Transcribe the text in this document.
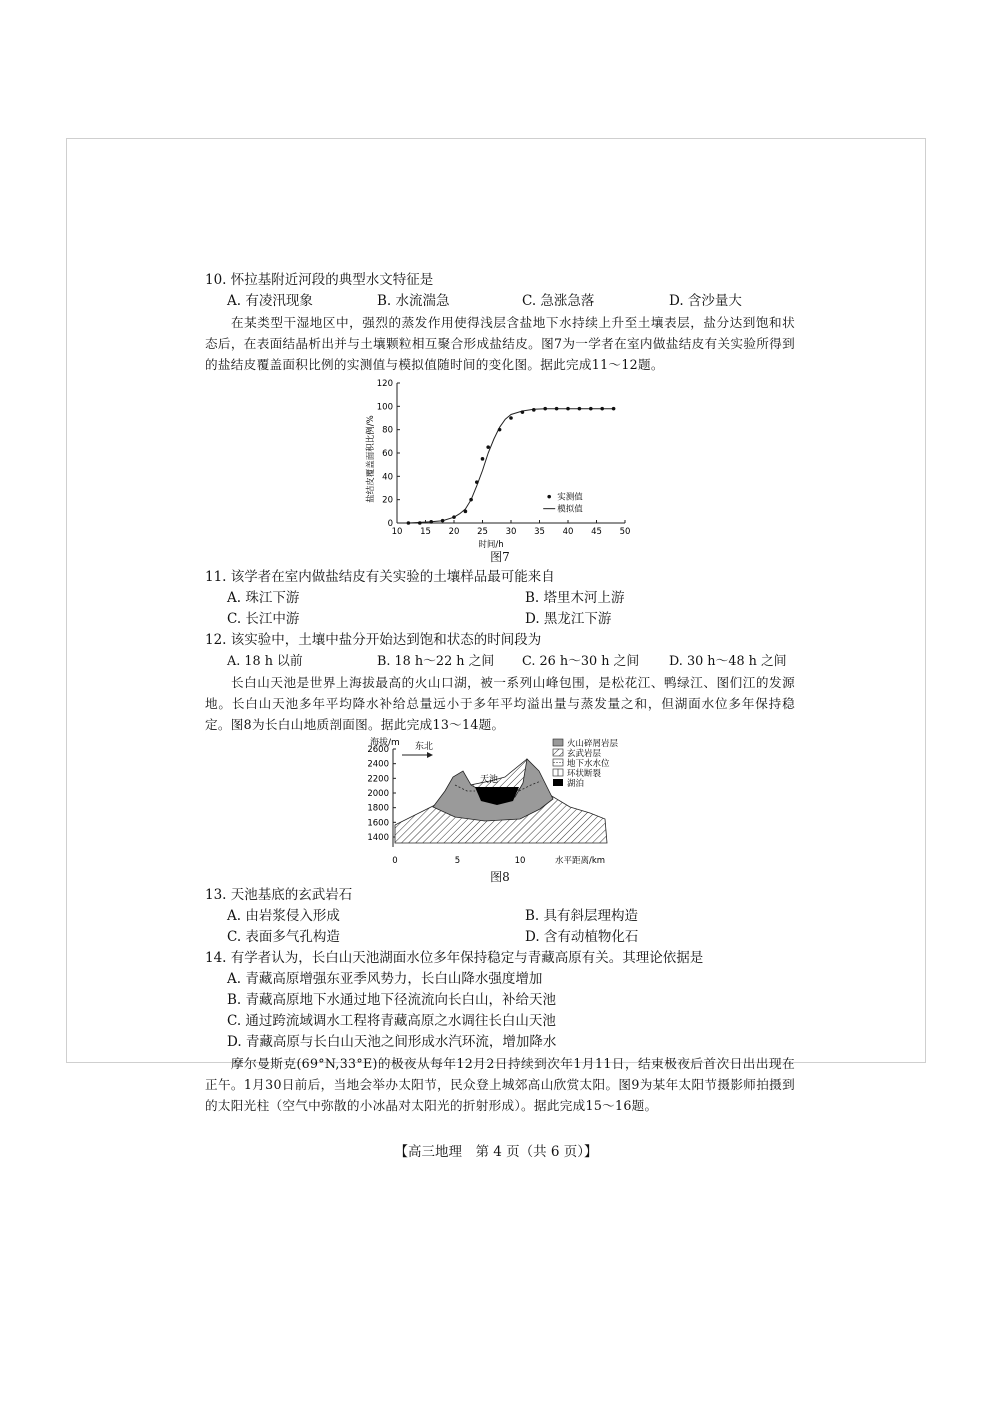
10. 怀拉基附近河段的典型水文特征是

A. 有凌汛现象	B. 水流湍急	C. 急涨急落	D. 含沙量大

在某类型干湿地区中，强烈的蒸发作用使得浅层含盐地下水持续上升至土壤表层，盐分达到饱和状态后，在表面结晶析出并与土壤颗粒相互聚合形成盐结皮。图7为一学者在室内做盐结皮有关实验所得到的盐结皮覆盖面积比例的实测值与模拟值随时间的变化图。据此完成11～12题。

0
20
40
60
80
100
120
10 15 20 25 30 35 40 45 50
时间/h
盐结皮覆盖面积比例/%	实测值
模拟值
图7

11. 该学者在室内做盐结皮有关实验的土壤样品最可能来自

A. 珠江下游	B. 塔里木河上游
C. 长江中游	D. 黑龙江下游

12. 该实验中，土壤中盐分开始达到饱和状态的时间段为

A. 18 h 以前	B. 18 h～22 h 之间	C. 26 h～30 h 之间	D. 30 h～48 h 之间

长白山天池是世界上海拔最高的火山口湖，被一系列山峰包围，是松花江、鸭绿江、图们江的发源地。长白山天池多年平均降水补给总量远小于多年平均溢出量与蒸发量之和，但湖面水位多年保持稳定。图8为长白山地质剖面图。据此完成13～14题。

海拔/m
1400
1600
1800
2000
2200
2400
2600
0	5	10	水平距离/km
东北
天池
火山碎屑岩层
玄武岩层
地下水水位
环状断裂
湖泊
图8

13. 天池基底的玄武岩石

A. 由岩浆侵入形成	B. 具有斜层理构造
C. 表面多气孔构造	D. 含有动植物化石

14. 有学者认为，长白山天池湖面水位多年保持稳定与青藏高原有关。其理论依据是

A. 青藏高原增强东亚季风势力，长白山降水强度增加
B. 青藏高原地下水通过地下径流流向长白山，补给天池
C. 通过跨流域调水工程将青藏高原之水调往长白山天池
D. 青藏高原与长白山天池之间形成水汽环流，增加降水

摩尔曼斯克(69°N,33°E)的极夜从每年12月2日持续到次年1月11日，结束极夜后首次日出出现在正午。1月30日前后，当地会举办太阳节，民众登上城郊高山欣赏太阳。图9为某年太阳节摄影师拍摄到的太阳光柱（空气中弥散的小冰晶对太阳光的折射形成）。据此完成15～16题。

【高三地理　第 4 页（共 6 页）】
